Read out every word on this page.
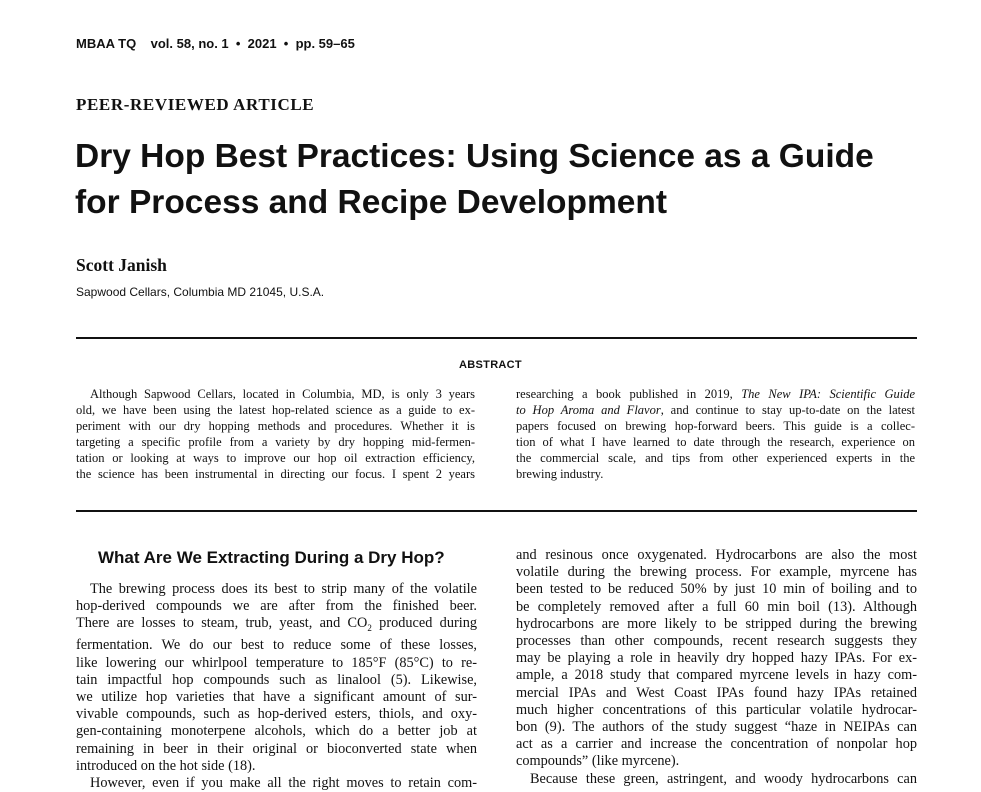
MBAA TQ    vol. 58, no. 1  •  2021  •  pp. 59–65
PEER-REVIEWED ARTICLE
Dry Hop Best Practices: Using Science as a Guide
for Process and Recipe Development
Scott Janish
Sapwood Cellars, Columbia MD 21045, U.S.A.
ABSTRACT
Although Sapwood Cellars, located in Columbia, MD, is only 3 years
old, we have been using the latest hop-related science as a guide to ex-
periment with our dry hopping methods and procedures. Whether it is
targeting a specific profile from a variety by dry hopping mid-fermen-
tation or looking at ways to improve our hop oil extraction efficiency,
the science has been instrumental in directing our focus. I spent 2 years
researching a book published in 2019, The New IPA: Scientific Guide
to Hop Aroma and Flavor, and continue to stay up-to-date on the latest
papers focused on brewing hop-forward beers. This guide is a collec-
tion of what I have learned to date through the research, experience on
the commercial scale, and tips from other experienced experts in the
brewing industry.
What Are We Extracting During a Dry Hop?
The brewing process does its best to strip many of the volatile
hop-derived compounds we are after from the finished beer.
There are losses to steam, trub, yeast, and $CO_2$ produced during
fermentation. We do our best to reduce some of these losses,
like lowering our whirlpool temperature to 185°F (85°C) to re-
tain impactful hop compounds such as linalool (5). Likewise,
we utilize hop varieties that have a significant amount of sur-
vivable compounds, such as hop-derived esters, thiols, and oxy-
gen-containing monoterpene alcohols, which do a better job at
remaining in beer in their original or bioconverted state when
introduced on the hot side (18).
However, even if you make all the right moves to retain com-
and resinous once oxygenated. Hydrocarbons are also the most
volatile during the brewing process. For example, myrcene has
been tested to be reduced 50% by just 10 min of boiling and to
be completely removed after a full 60 min boil (13). Although
hydrocarbons are more likely to be stripped during the brewing
processes than other compounds, recent research suggests they
may be playing a role in heavily dry hopped hazy IPAs. For ex-
ample, a 2018 study that compared myrcene levels in hazy com-
mercial IPAs and West Coast IPAs found hazy IPAs retained
much higher concentrations of this particular volatile hydrocar-
bon (9). The authors of the study suggest “haze in NEIPAs can
act as a carrier and increase the concentration of nonpolar hop
compounds” (like myrcene).
Because these green, astringent, and woody hydrocarbons can
